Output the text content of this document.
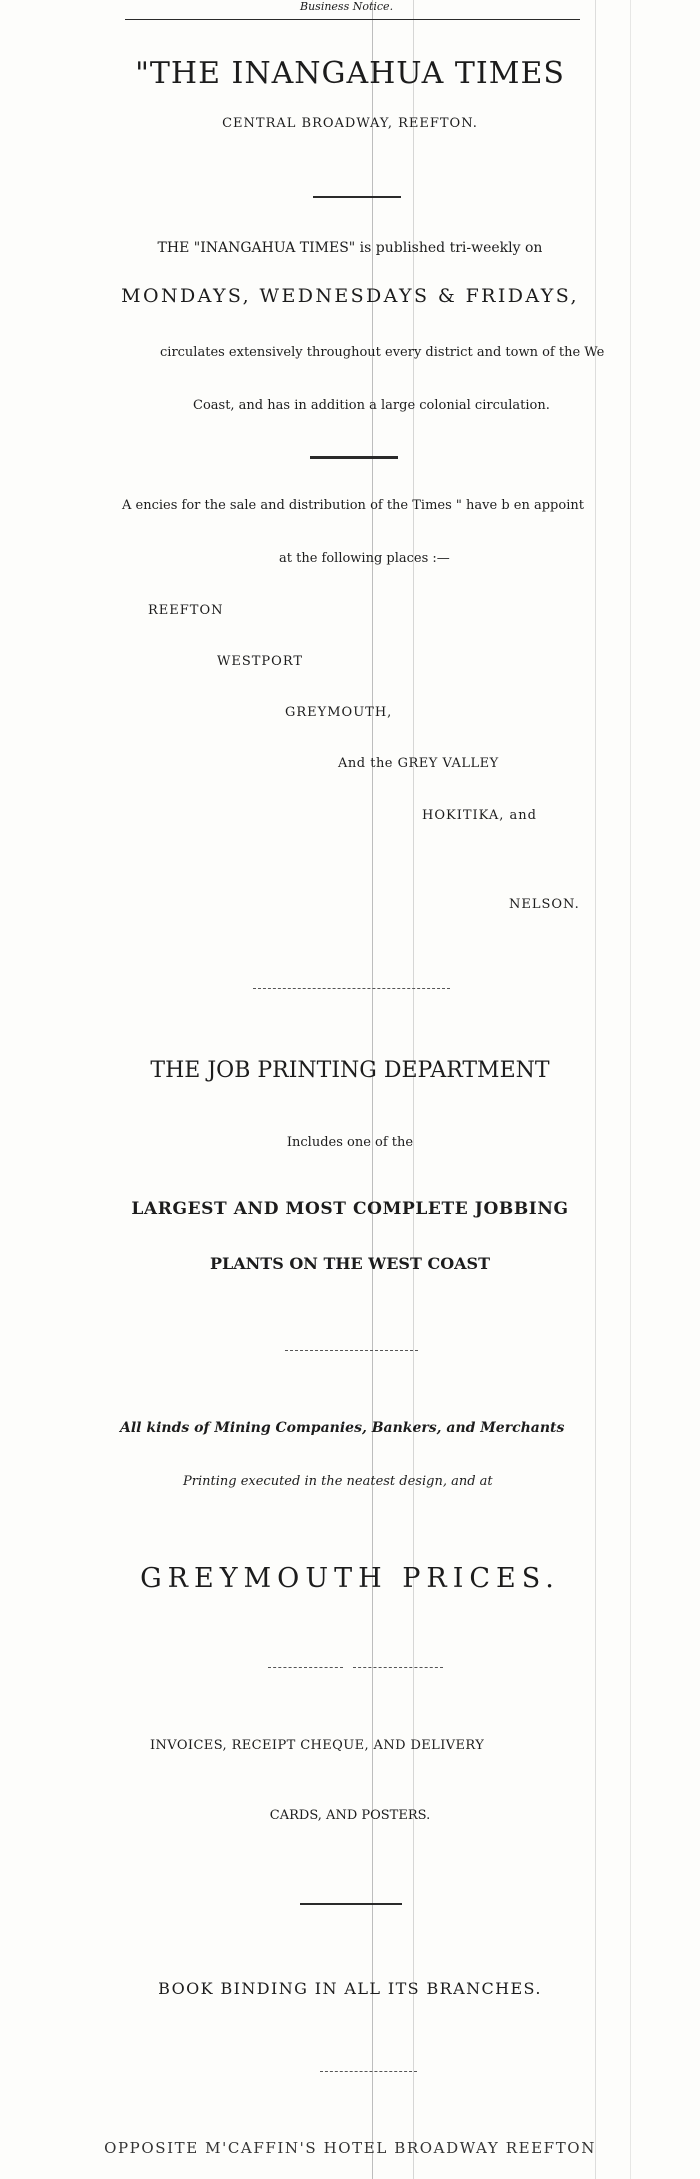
Business Notice.
"THE INANGAHUA TIMES
CENTRAL BROADWAY, REEFTON.
THE "INANGAHUA TIMES" is published tri-weekly on
MONDAYS, WEDNESDAYS & FRIDAYS,
circulates extensively throughout every district and town of the We
Coast, and has in addition a large colonial circulation.
A encies for the sale and distribution of the Times " have b en appoint
at the following places :—
REEFTON
WESTPORT
GREYMOUTH,
And the GREY VALLEY
HOKITIKA, and
NELSON.
THE JOB PRINTING DEPARTMENT
Includes one of the
LARGEST AND MOST COMPLETE JOBBING
PLANTS ON THE WEST COAST
All kinds of Mining Companies, Bankers, and Merchants
Printing executed in the neatest design, and at
GREYMOUTH PRICES.
INVOICES, RECEIPT CHEQUE, AND DELIVERY
CARDS, AND POSTERS.
BOOK BINDING IN ALL ITS BRANCHES.
OPPOSITE M'CAFFIN'S HOTEL BROADWAY REEFTON
